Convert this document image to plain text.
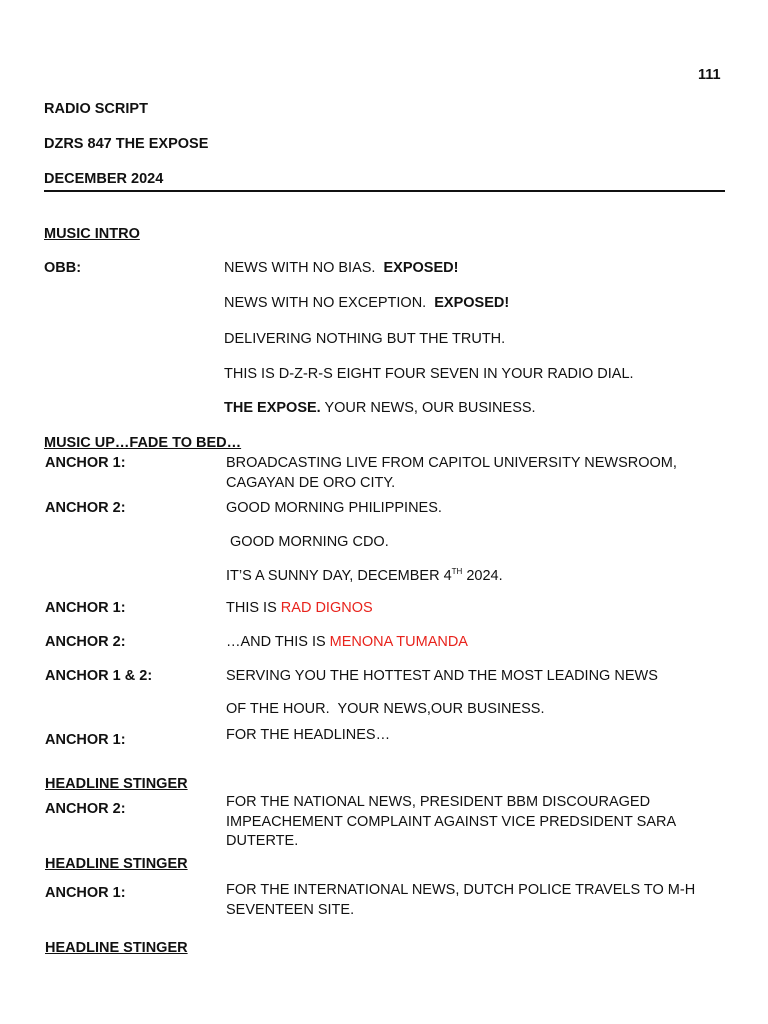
111
RADIO SCRIPT
DZRS 847 THE EXPOSE
DECEMBER 2024
MUSIC INTRO
OBB:	NEWS WITH NO BIAS. EXPOSED!
NEWS WITH NO EXCEPTION. EXPOSED!
DELIVERING NOTHING BUT THE TRUTH.
THIS IS D-Z-R-S EIGHT FOUR SEVEN IN YOUR RADIO DIAL.
THE EXPOSE. YOUR NEWS, OUR BUSINESS.
MUSIC UP…FADE TO BED…
ANCHOR 1:	BROADCASTING LIVE FROM CAPITOL UNIVERSITY NEWSROOM, CAGAYAN DE ORO CITY.
ANCHOR 2:	GOOD MORNING PHILIPPINES.
GOOD MORNING CDO.
IT’S A SUNNY DAY, DECEMBER 4TH 2024.
ANCHOR 1:	THIS IS RAD DIGNOS
ANCHOR 2:	…AND THIS IS MENONA TUMANDA
ANCHOR 1 & 2:	SERVING YOU THE HOTTEST AND THE MOST LEADING NEWS
OF THE HOUR.  YOUR NEWS,OUR BUSINESS.
ANCHOR 1:	FOR THE HEADLINES…
HEADLINE STINGER
ANCHOR 2:	FOR THE NATIONAL NEWS, PRESIDENT BBM DISCOURAGED IMPEACHEMENT COMPLAINT AGAINST VICE PREDSIDENT SARA DUTERTE.
HEADLINE STINGER
ANCHOR 1:	FOR THE INTERNATIONAL NEWS, DUTCH POLICE TRAVELS TO M-H SEVENTEEN SITE.
HEADLINE STINGER
